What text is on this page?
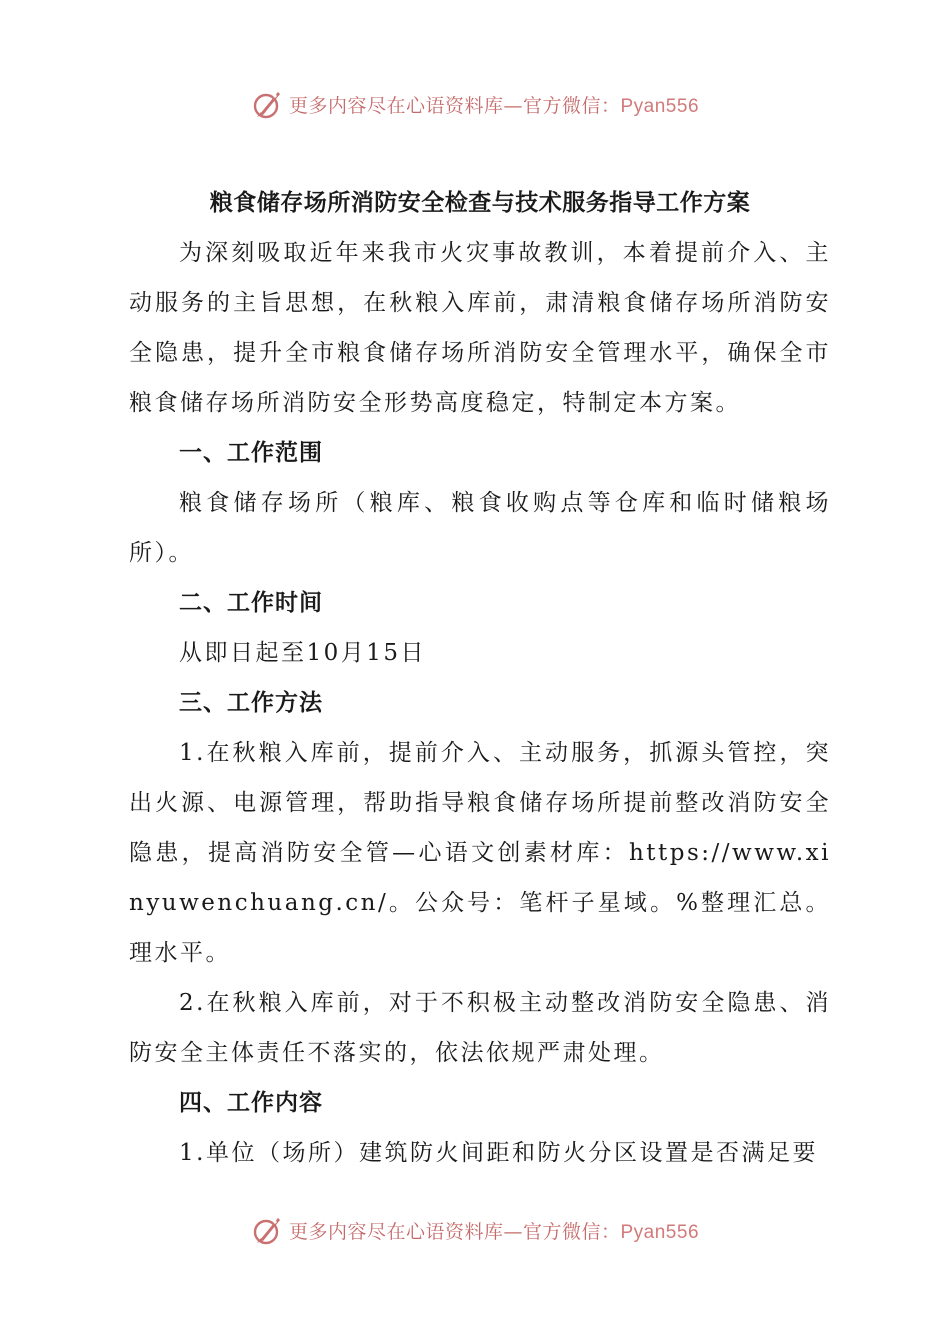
更多内容尽在心语资料库—官方微信：Pyan556

粮食储存场所消防安全检查与技术服务指导工作方案

为深刻吸取近年来我市火灾事故教训，本着提前介入、主动服务的主旨思想，在秋粮入库前，肃清粮食储存场所消防安全隐患，提升全市粮食储存场所消防安全管理水平，确保全市粮食储存场所消防安全形势高度稳定，特制定本方案。

一、工作范围

粮食储存场所（粮库、粮食收购点等仓库和临时储粮场所）。

二、工作时间

从即日起至10月15日

三、工作方法

1.在秋粮入库前，提前介入、主动服务，抓源头管控，突出火源、电源管理，帮助指导粮食储存场所提前整改消防安全隐患，提高消防安全管—心语文创素材库：https://www.xinyuwenchuang.cn/。公众号：笔杆子星域。%整理汇总。理水平。

2.在秋粮入库前，对于不积极主动整改消防安全隐患、消防安全主体责任不落实的，依法依规严肃处理。

四、工作内容

1.单位（场所）建筑防火间距和防火分区设置是否满足要

更多内容尽在心语资料库—官方微信：Pyan556
